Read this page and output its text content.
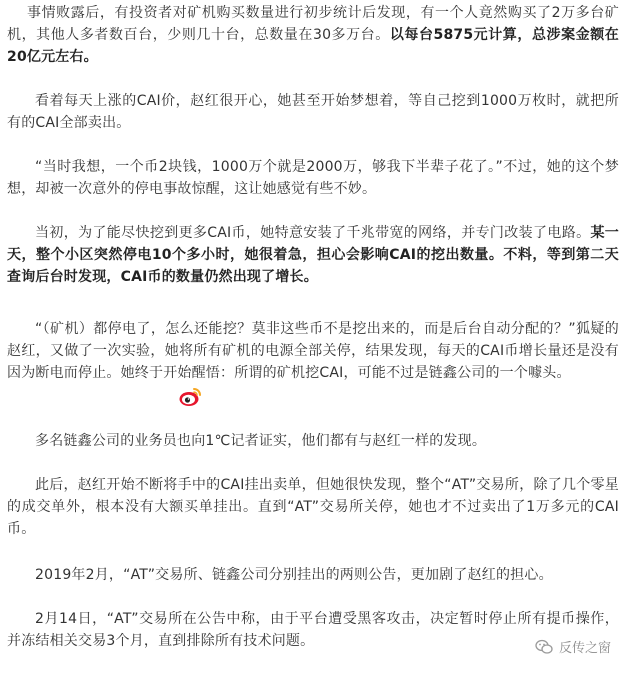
事情败露后，有投资者对矿机购买数量进行初步统计后发现，有一个人竟然购买了2万多台矿机，其他人多者数百台，少则几十台，总数量在30多万台。以每台5875元计算，总涉案金额在20亿元左右。

看着每天上涨的CAI价，赵红很开心，她甚至开始梦想着，等自己挖到1000万枚时，就把所有的CAI全部卖出。

“当时我想，一个币2块钱，1000万个就是2000万，够我下半辈子花了。”不过，她的这个梦想，却被一次意外的停电事故惊醒，这让她感觉有些不妙。

当初，为了能尽快挖到更多CAI币，她特意安装了千兆带宽的网络，并专门改装了电路。某一天，整个小区突然停电10个多小时，她很着急，担心会影响CAI的挖出数量。不料，等到第二天查询后台时发现，CAI币的数量仍然出现了增长。

“（矿机）都停电了，怎么还能挖？莫非这些币不是挖出来的，而是后台自动分配的？”狐疑的赵红，又做了一次实验，她将所有矿机的电源全部关停，结果发现，每天的CAI币增长量还是没有因为断电而停止。她终于开始醒悟：所谓的矿机挖CAI，可能不过是链鑫公司的一个噱头。

多名链鑫公司的业务员也向1℃记者证实，他们都有与赵红一样的发现。

此后，赵红开始不断将手中的CAI挂出卖单，但她很快发现，整个“AT”交易所，除了几个零星的成交单外，根本没有大额买单挂出。直到“AT”交易所关停，她也才不过卖出了1万多元的CAI币。

2019年2月，“AT”交易所、链鑫公司分别挂出的两则公告，更加剧了赵红的担心。

2月14日，“AT”交易所在公告中称，由于平台遭受黑客攻击，决定暂时停止所有提币操作，并冻结相关交易3个月，直到排除所有技术问题。	反传之窗
